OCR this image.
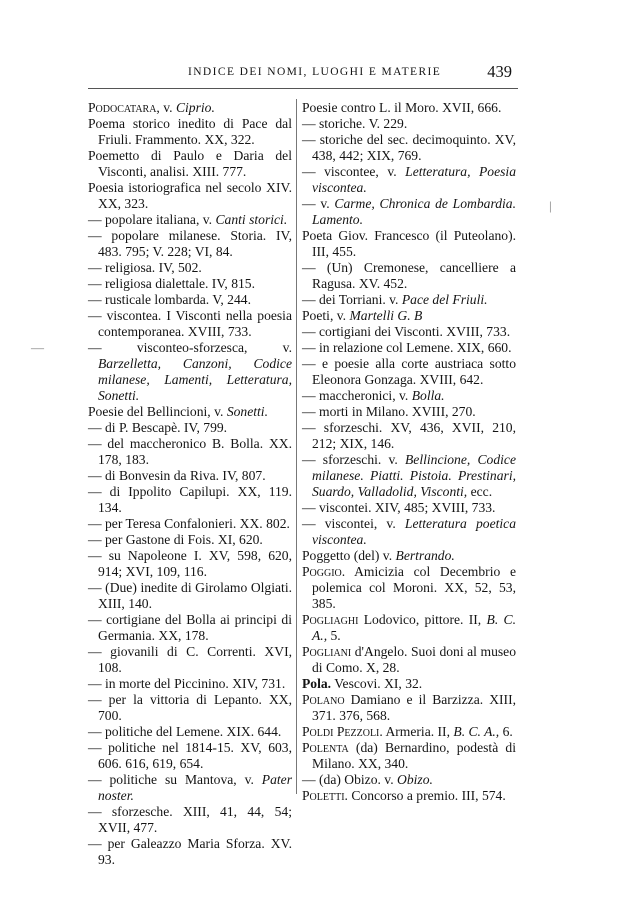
INDICE DEI NOMI, LUOGHI E MATERIE	439
Podocatara, v. Ciprio.
Poema storico inedito di Pace dal Friuli. Frammento. XX, 322.
Poemetto di Paulo e Daria del Visconti, analisi. XIII. 777.
Poesia istoriografica nel secolo XIV. XX, 323.
— popolare italiana, v. Canti storici.
— popolare milanese. Storia. IV, 483. 795; V. 228; VI, 84.
— religiosa. IV, 502.
— religiosa dialettale. IV, 815.
— rusticale lombarda. V, 244.
— viscontea. I Visconti nella poesia contemporanea. XVIII, 733.
— visconteo-sforzesca, v. Barzelletta, Canzoni, Codice milanese, Lamenti, Letteratura, Sonetti.
Poesie del Bellincioni, v. Sonetti.
— di P. Bescapè. IV, 799.
— del maccheronico B. Bolla. XX. 178, 183.
— di Bonvesin da Riva. IV, 807.
— di Ippolito Capilupi. XX, 119. 134.
— per Teresa Confalonieri. XX. 802.
— per Gastone di Fois. XI, 620.
— su Napoleone I. XV, 598, 620, 914; XVI, 109, 116.
— (Due) inedite di Girolamo Olgiati. XIII, 140.
— cortigiane del Bolla ai principi di Germania. XX, 178.
— giovanili di C. Correnti. XVI, 108.
— in morte del Piccinino. XIV, 731.
— per la vittoria di Lepanto. XX, 700.
— politiche del Lemene. XIX. 644.
— politiche nel 1814-15. XV, 603, 606. 616, 619, 654.
— politiche su Mantova, v. Pater noster.
— sforzesche. XIII, 41, 44, 54; XVII, 477.
— per Galeazzo Maria Sforza. XV. 93.
Poesie contro L. il Moro. XVII, 666.
— storiche. V. 229.
— storiche del sec. decimoquinto. XV, 438, 442; XIX, 769.
— viscontee, v. Letteratura, Poesia viscontea.
— v. Carme, Chronica de Lombardia. Lamento.
Poeta Giov. Francesco (il Puteolano). III, 455.
— (Un) Cremonese, cancelliere a Ragusa. XV. 452.
— dei Torriani. v. Pace del Friuli.
Poeti, v. Martelli G. B
— cortigiani dei Visconti. XVIII, 733.
— in relazione col Lemene. XIX, 660.
— e poesie alla corte austriaca sotto Eleonora Gonzaga. XVIII, 642.
— maccheronici, v. Bolla.
— morti in Milano. XVIII, 270.
— sforzeschi. XV, 436, XVII, 210, 212; XIX, 146.
— sforzeschi. v. Bellincione, Codice milanese. Piatti. Pistoia. Prestinari, Suardo, Valladolid, Visconti, ecc.
— viscontei. XIV, 485; XVIII, 733.
— viscontei, v. Letteratura poetica viscontea.
Poggetto (del) v. Bertrando.
Poggio. Amicizia col Decembrio e polemica col Moroni. XX, 52, 53, 385.
Pogliaghi Lodovico, pittore. II, B. C. A., 5.
Pogliani d'Angelo. Suoi doni al museo di Como. X, 28.
Pola. Vescovi. XI, 32.
Polano Damiano e il Barzizza. XIII, 371. 376, 568.
Poldi Pezzoli. Armeria. II, B. C. A., 6.
Polenta (da) Bernardino, podestà di Milano. XX, 340.
— (da) Obizo. v. Obizo.
Poletti. Concorso a premio. III, 574.
|
—
